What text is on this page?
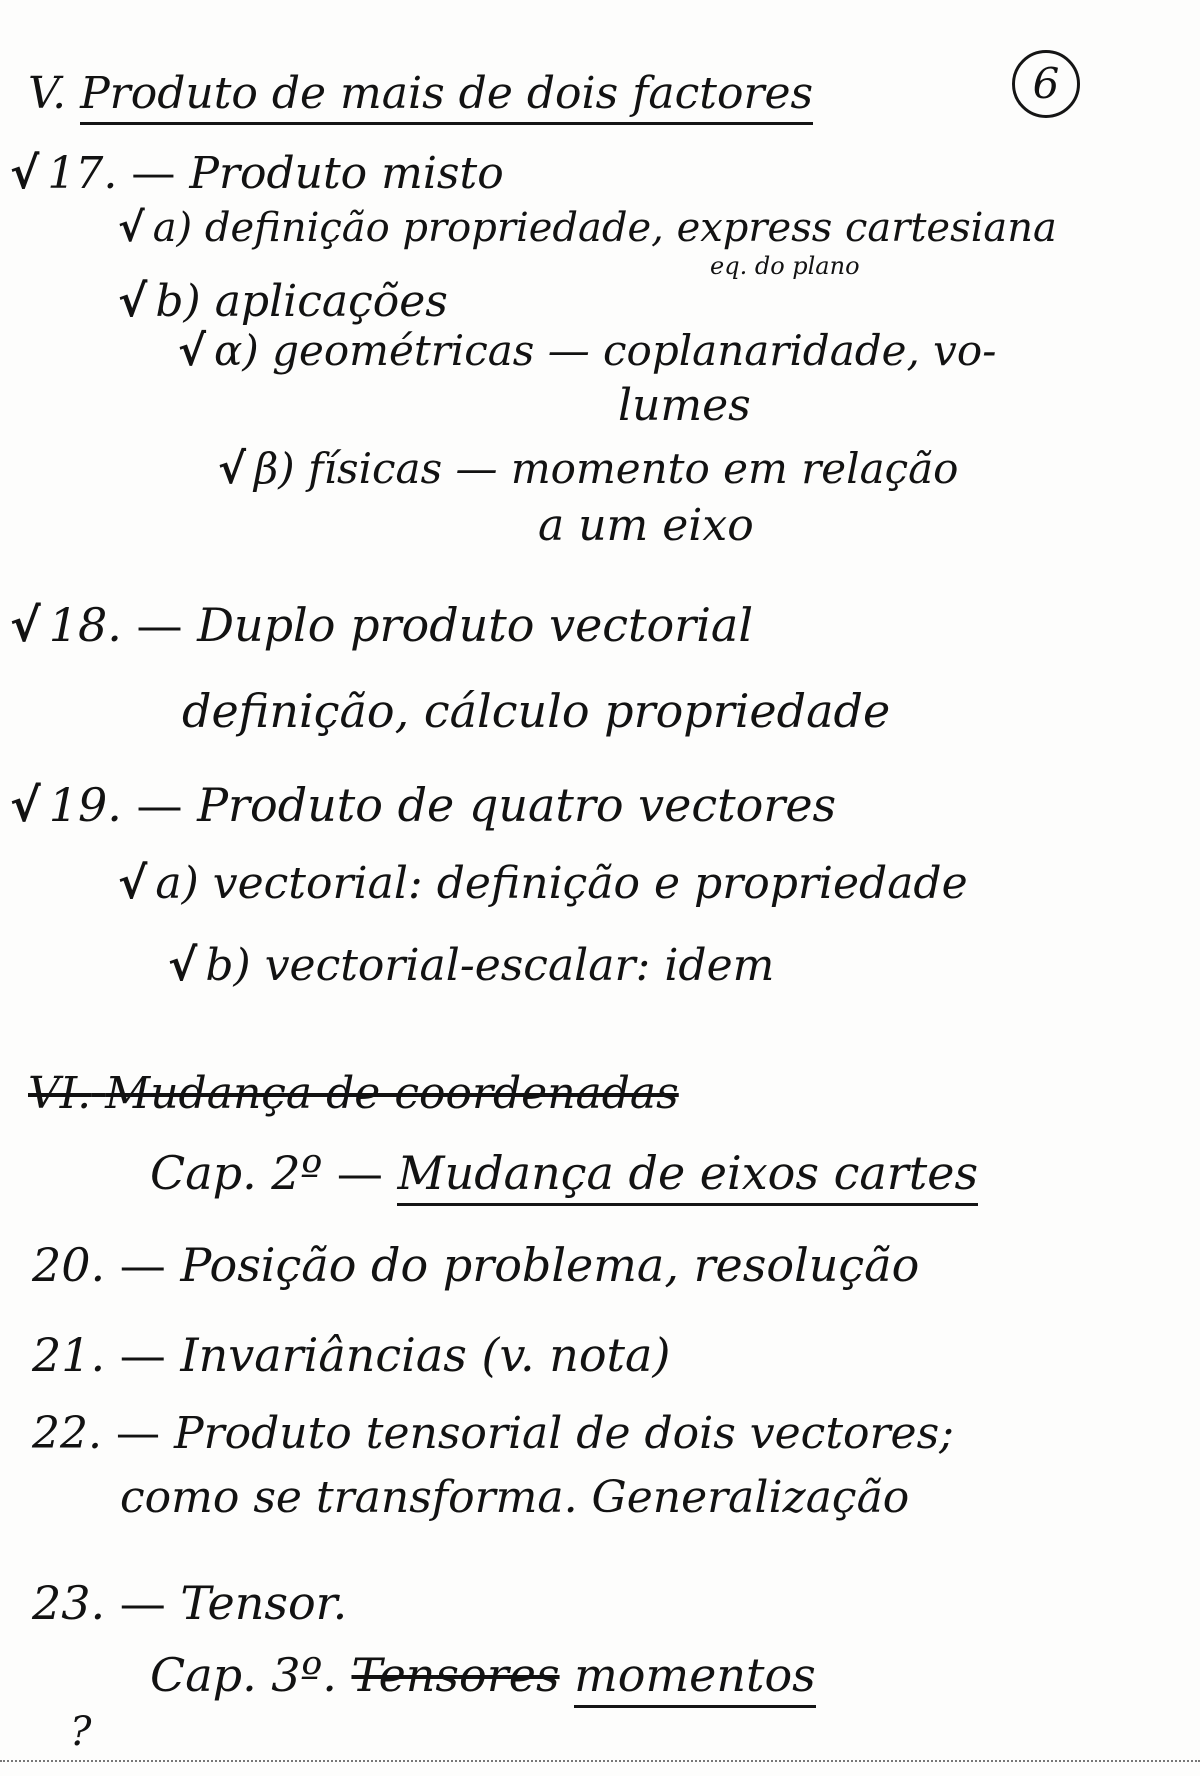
6
V. Produto de mais de dois factores
√ 17. — Produto misto
√ a) definição propriedade, express cartesiana
√ b) aplicações
eq. do plano
√ α) geométricas — coplanaridade, vo-
lumes
√ β) físicas — momento em relação
a um eixo
√ 18. — Duplo produto vectorial
definição, cálculo propriedade
√ 19. — Produto de quatro vectores
√ a) vectorial: definição e propriedade
√ b) vectorial-escalar: idem
VI. Mudança de coordenadas
Cap. 2º — Mudança de eixos cartes
20. — Posição do problema, resolução
21. — Invariâncias (v. nota)
22. — Produto tensorial de dois vectores;
como se transforma. Generalização
23. — Tensor.
Cap. 3º. Tensores momentos
?
